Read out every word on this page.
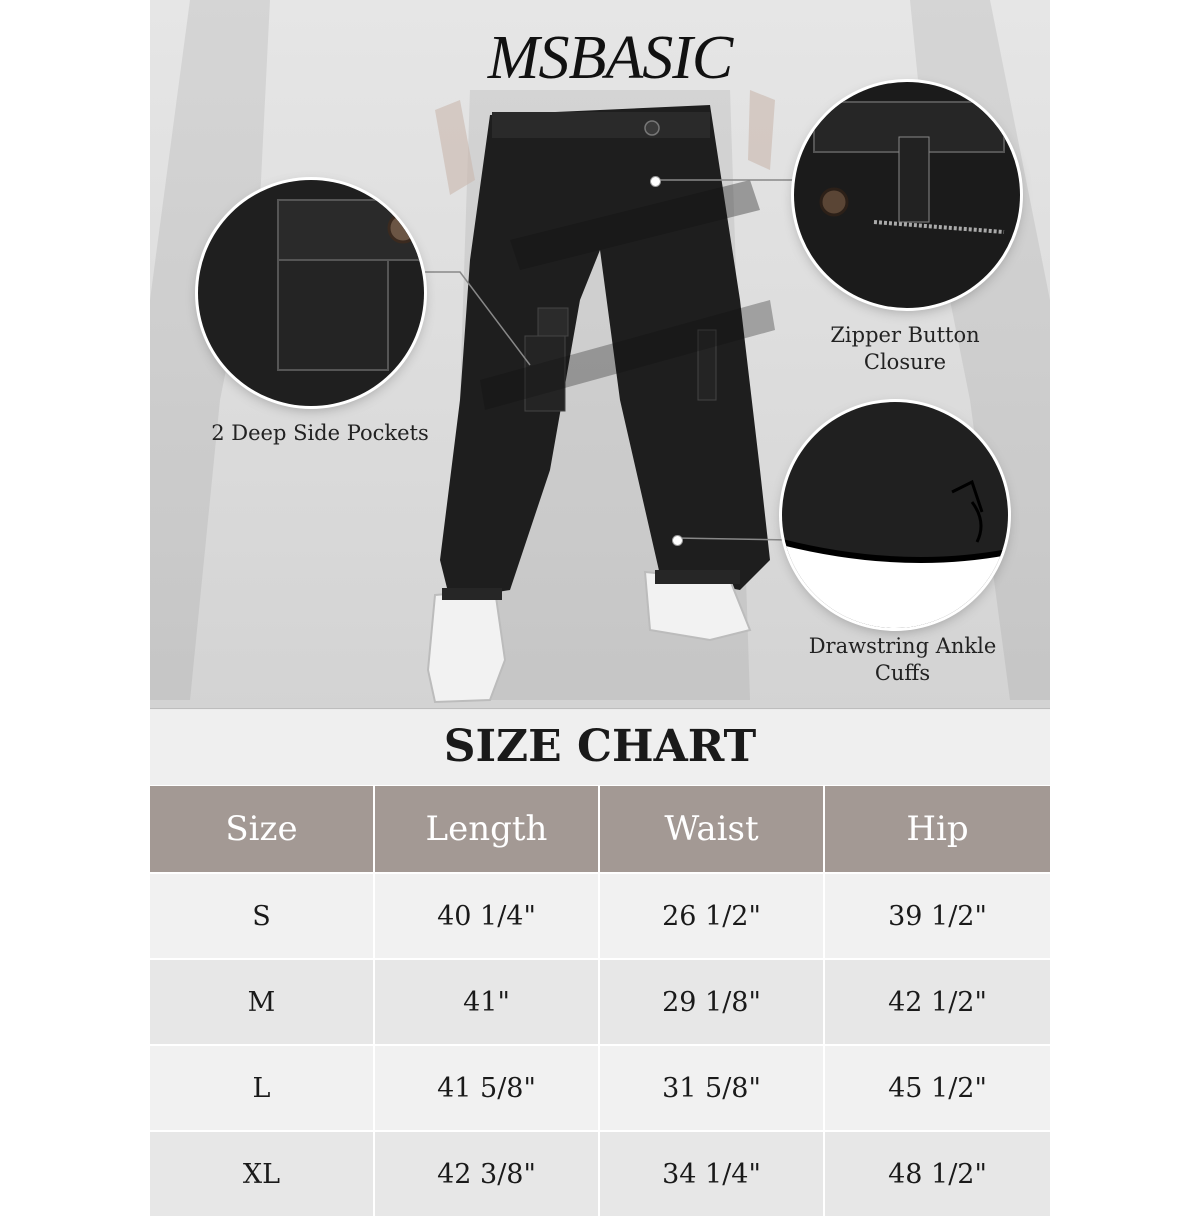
MSBASIC
2 Deep Side Pockets
Zipper Button
Closure
Drawstring Ankle
Cuffs
SIZE CHART
Size	Length	Waist	Hip
S	40 1/4"	26 1/2"	39 1/2"
M	41"	29 1/8"	42 1/2"
L	41 5/8"	31 5/8"	45 1/2"
XL	42 3/8"	34 1/4"	48 1/2"
